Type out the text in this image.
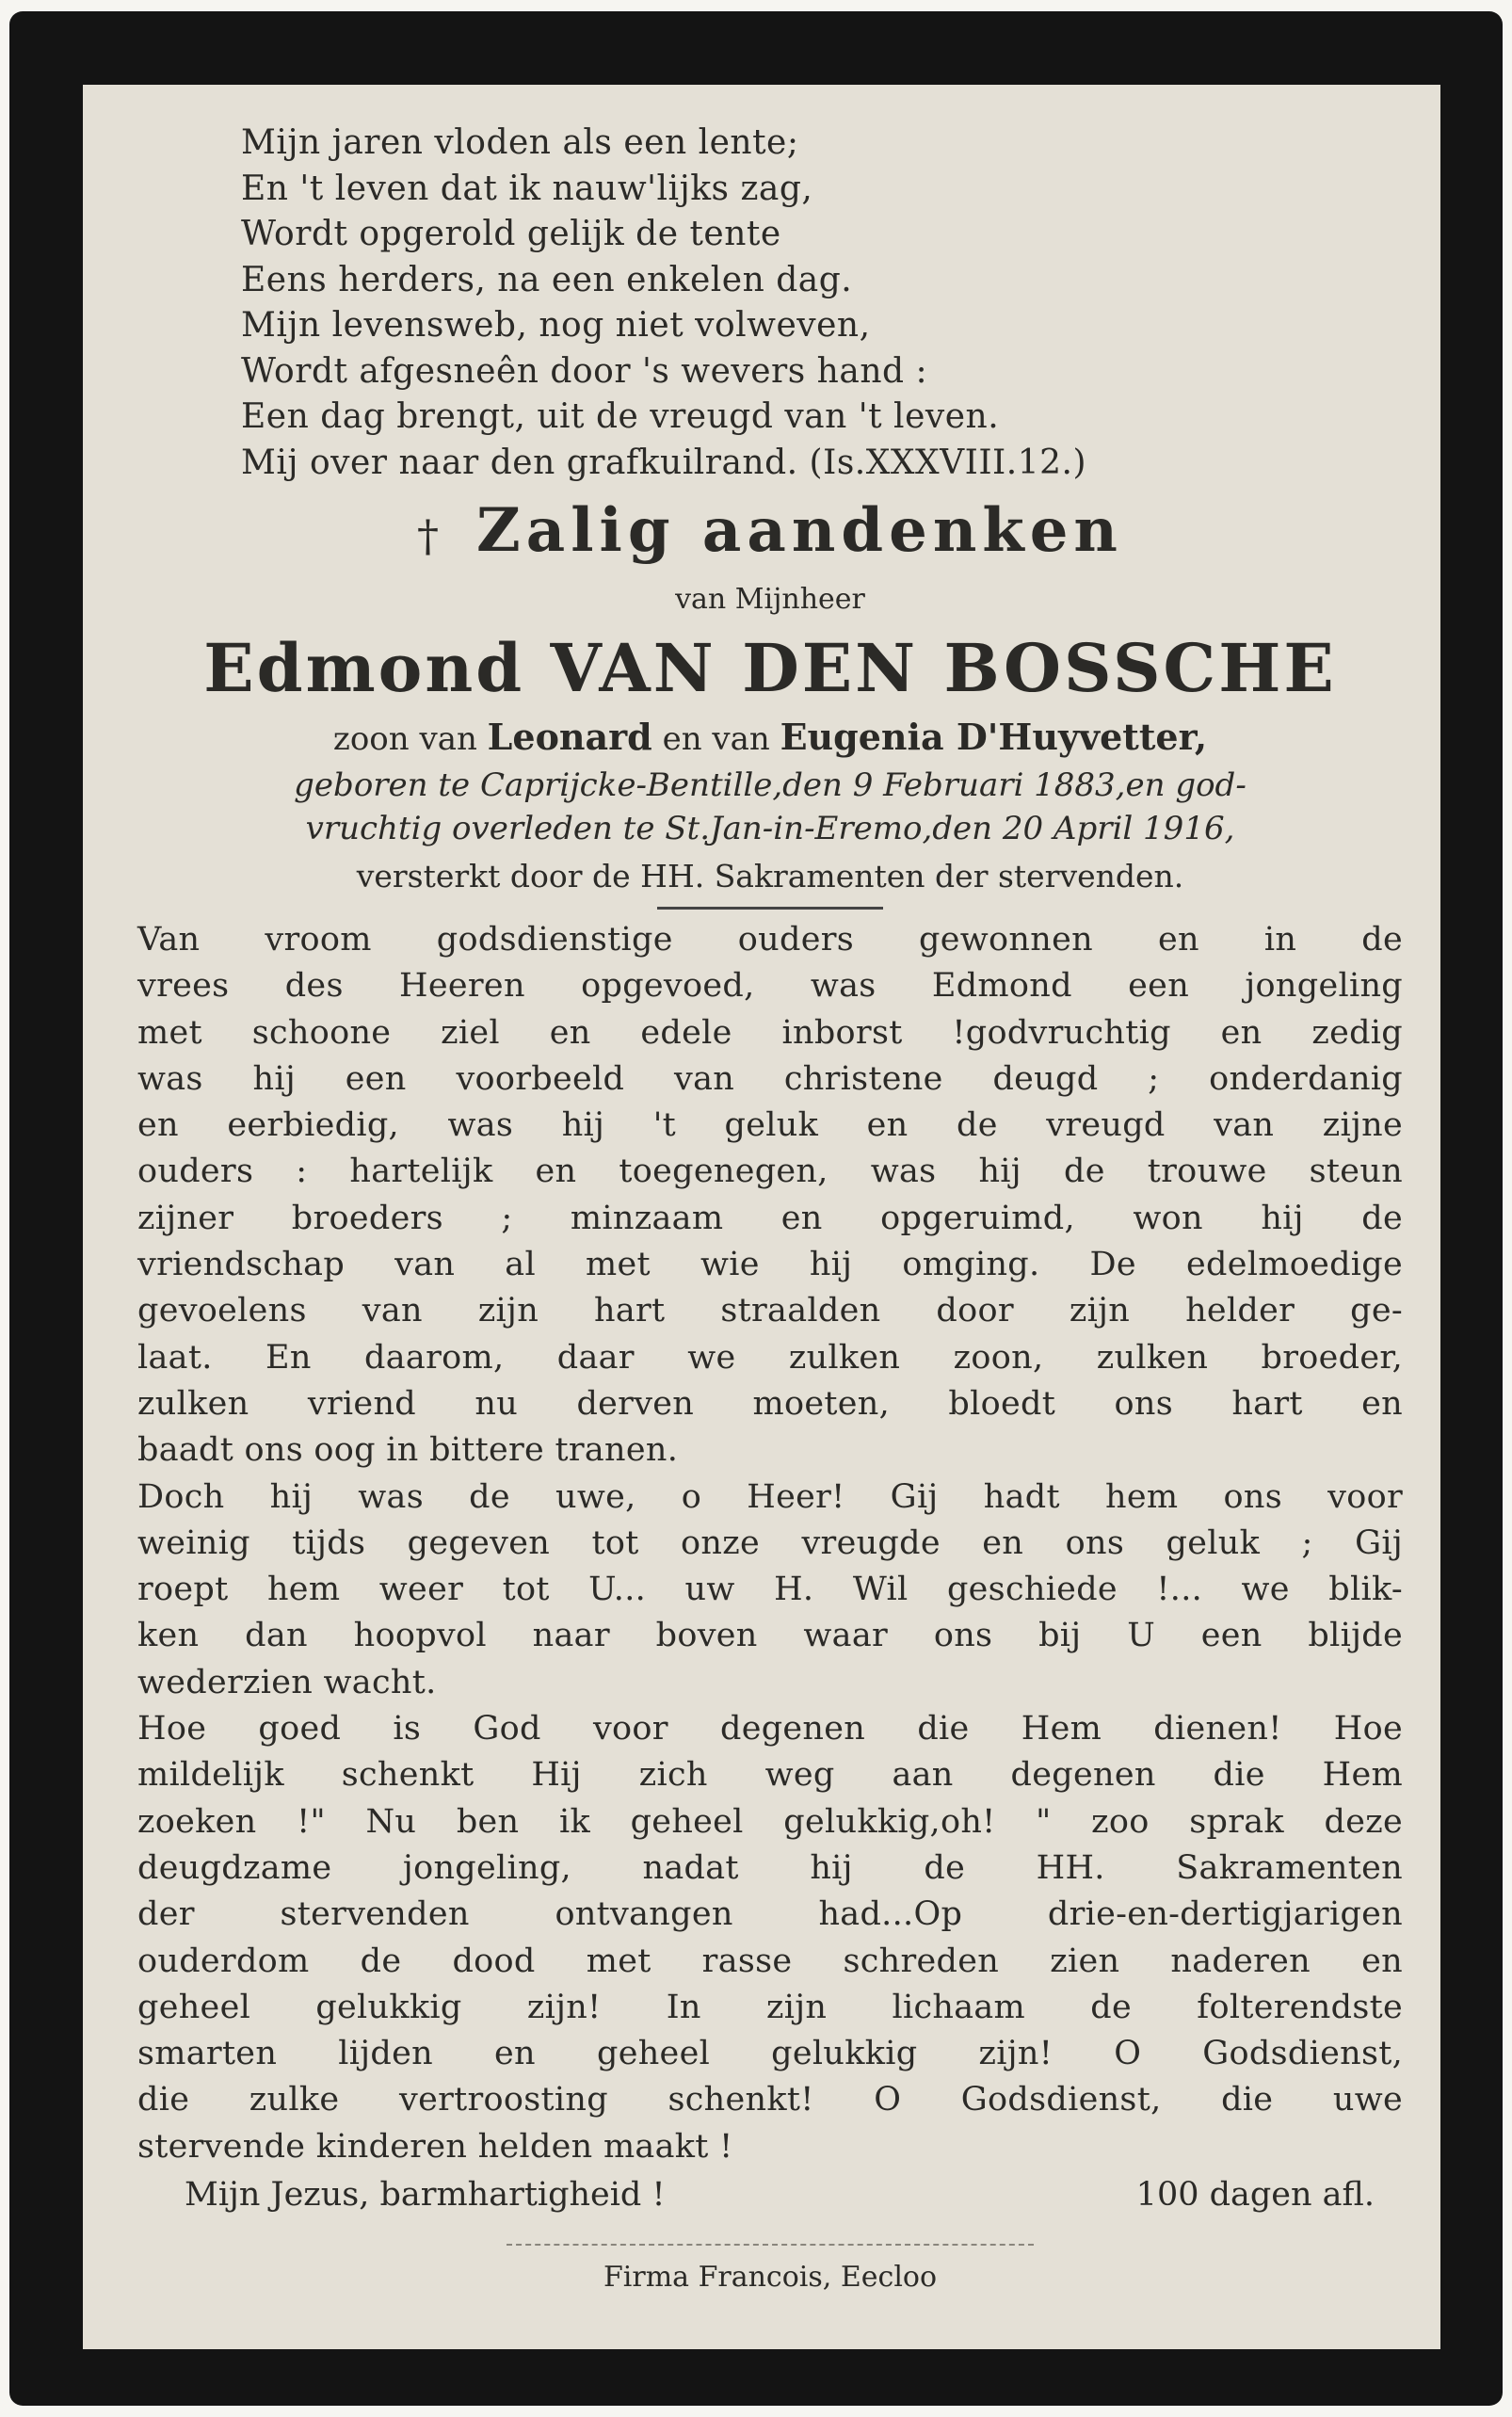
Mijn jaren vloden als een lente;
En 't leven dat ik nauw'lijks zag,
Wordt opgerold gelijk de tente
Eens herders, na een enkelen dag.
Mijn levensweb, nog niet volweven,
Wordt afgesneên door 's wevers hand :
Een dag brengt, uit de vreugd van 't leven.
Mij over naar den grafkuilrand. (Is.XXXVIII.12.)
† Zalig aandenken
van Mijnheer
Edmond VAN DEN BOSSCHE
zoon van Leonard en van Eugenia D'Huyvetter,
geboren te Caprijcke-Bentille,den 9 Februari 1883,en god-
vruchtig overleden te St.Jan-in-Eremo,den 20 April 1916,
versterkt door de HH. Sakramenten der stervenden.
Van vroom godsdienstige ouders gewonnen en in de
vrees des Heeren opgevoed, was Edmond een jongeling
met schoone ziel en edele inborst !godvruchtig en zedig
was hij een voorbeeld van christene deugd ; onderdanig
en eerbiedig, was hij 't geluk en de vreugd van zijne
ouders : hartelijk en toegenegen, was hij de trouwe steun
zijner broeders ; minzaam en opgeruimd, won hij de
vriendschap van al met wie hij omging. De edelmoedige
gevoelens van zijn hart straalden door zijn helder ge-
laat. En daarom, daar we zulken zoon, zulken broeder,
zulken vriend nu derven moeten, bloedt ons hart en
baadt ons oog in bittere tranen.
Doch hij was de uwe, o Heer! Gij hadt hem ons voor
weinig tijds gegeven tot onze vreugde en ons geluk ; Gij
roept hem weer tot U... uw H. Wil geschiede !... we blik-
ken dan hoopvol naar boven waar ons bij U een blijde
wederzien wacht.
Hoe goed is God voor degenen die Hem dienen! Hoe
mildelijk schenkt Hij zich weg aan degenen die Hem
zoeken !" Nu ben ik geheel gelukkig,oh! " zoo sprak deze
deugdzame jongeling, nadat hij de HH. Sakramenten
der stervenden ontvangen had...Op drie-en-dertigjarigen
ouderdom de dood met rasse schreden zien naderen en
geheel gelukkig zijn! In zijn lichaam de folterendste
smarten lijden en geheel gelukkig zijn! O Godsdienst,
die zulke vertroosting schenkt! O Godsdienst, die uwe
stervende kinderen helden maakt !
Mijn Jezus, barmhartigheid !	100 dagen afl.
Firma Francois, Eecloo
